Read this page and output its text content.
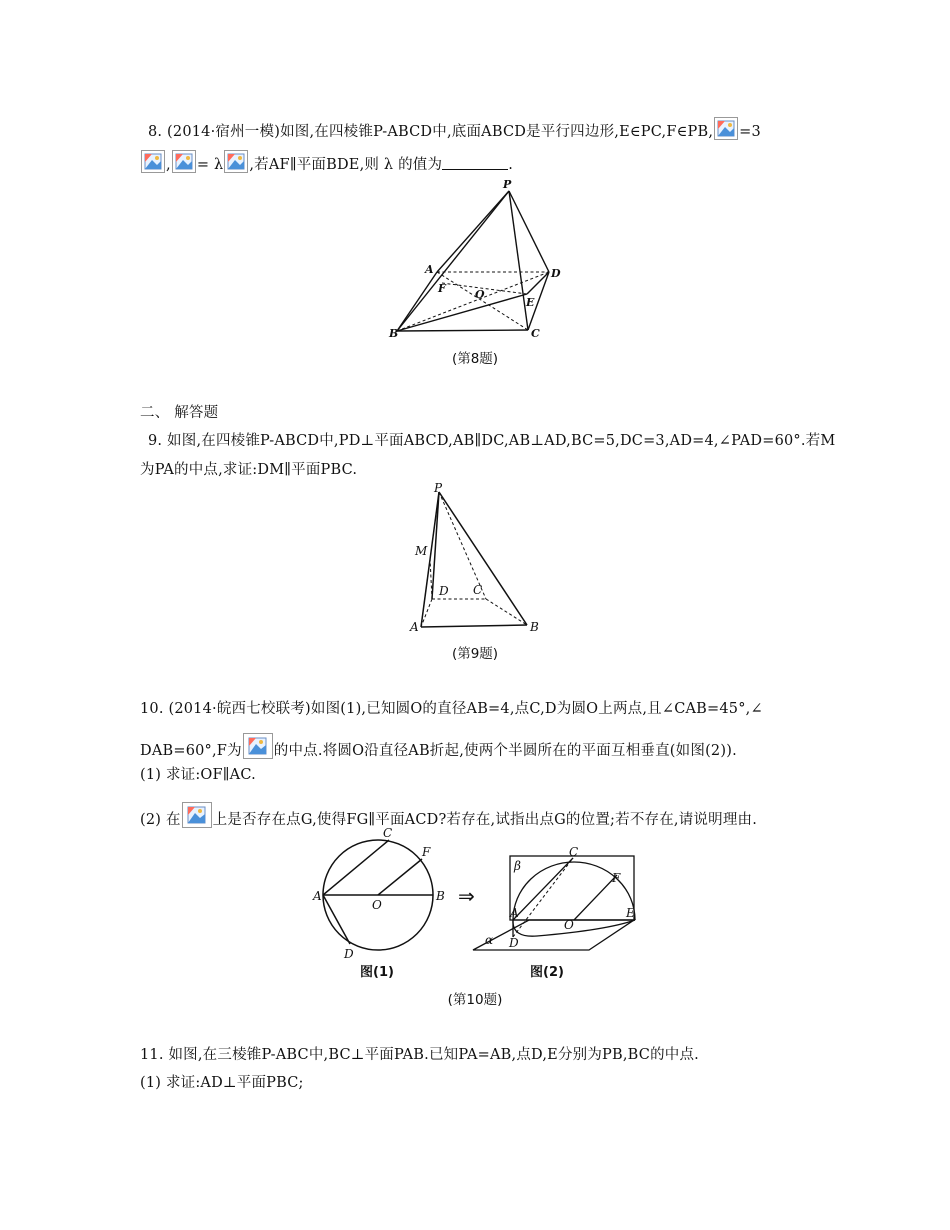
8. (2014·宿州一模)如图,在四棱锥P-ABCD中,底面ABCD是平行四边形,E∈PC,F∈PB, =3
, = λ ,若AF∥平面BDE,则 λ 的值为	.
P
A	D
F	O
E
B	C
(第8题)
二、 解答题
9. 如图,在四棱锥P-ABCD中,PD⊥平面ABCD,AB∥DC,AB⊥AD,BC=5,DC=3,AD=4,∠PAD=60°.若M
为PA的中点,求证:DM∥平面PBC.
P
M
D C
A	B
(第9题)
10. (2014·皖西七校联考)如图(1),已知圆O的直径AB=4,点C,D为圆O上两点,且∠CAB=45°,∠
DAB=60°,F为 的中点.将圆O沿直径AB折起,使两个半圆所在的平面互相垂直(如图(2)).
(1) 求证:OF∥AC.
(2) 在 上是否存在点G,使得FG∥平面ACD?若存在,试指出点G的位置;若不存在,请说明理由.
C
F
A
O
B
D
图(1)
⇒
β
C
F
A
O
E
α D
图(2)
(第10题)
11. 如图,在三棱锥P-ABC中,BC⊥平面PAB.已知PA=AB,点D,E分别为PB,BC的中点.
(1) 求证:AD⊥平面PBC;
